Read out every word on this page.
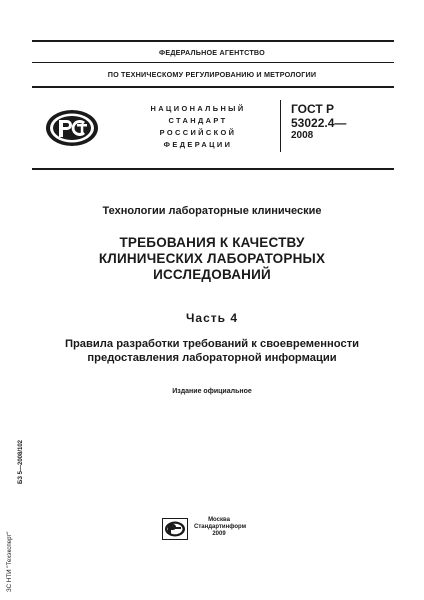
ФЕДЕРАЛЬНОЕ АГЕНТСТВО

ПО ТЕХНИЧЕСКОМУ РЕГУЛИРОВАНИЮ И МЕТРОЛОГИИ

НАЦИОНАЛЬНЫЙ
СТАНДАРТ
РОССИЙСКОЙ
ФЕДЕРАЦИИ

ГОСТ Р
53022.4—
2008

Технологии лабораторные клинические

ТРЕБОВАНИЯ К КАЧЕСТВУ
КЛИНИЧЕСКИХ ЛАБОРАТОРНЫХ
ИССЛЕДОВАНИЙ

Часть 4

Правила разработки требований к своевременности
предоставления лабораторной информации

Издание официальное

БЗ 5—2008/102

ЗС НТИ "Техэксперт"

Москва
Стандартинформ
2009
